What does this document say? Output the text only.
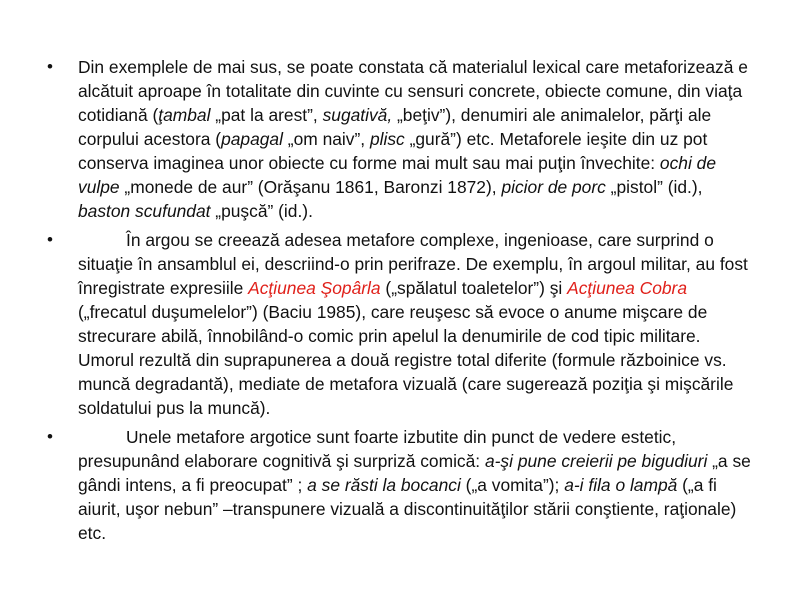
• Din exemplele de mai sus, se poate constata că materialul lexical care metaforizează e alcătuit aproape în totalitate din cuvinte cu sensuri concrete, obiecte comune, din viaţa cotidiană (ţambal „pat la arest”, sugativă, „beţiv”), denumiri ale animalelor, părţi ale corpului acestora (papagal „om naiv”, plisc „gură”) etc. Metaforele ieşite din uz pot conserva imaginea unor obiecte cu forme mai mult sau mai puţin învechite: ochi de vulpe „monede de aur” (Orăşanu 1861, Baronzi 1872), picior de porc „pistol” (id.), baston scufundat „puşcă” (id.).
•	În argou se creează adesea metafore complexe, ingenioase, care surprind o situaţie în ansamblul ei, descriind-o prin perifraze. De exemplu, în argoul militar, au fost înregistrate expresiile Acţiunea Şopârla („spălatul toaletelor”) şi Acţiunea Cobra („frecatul duşumelelor”) (Baciu 1985), care reuşesc să evoce o anume mişcare de strecurare abilă, înnobilând-o comic prin apelul la denumirile de cod tipic militare. Umorul rezultă din suprapunerea a două registre total diferite (formule războinice vs. muncă degradantă), mediate de metafora vizuală (care sugerează poziţia şi mişcările soldatului pus la muncă).
•	Unele metafore argotice sunt foarte izbutite din punct de vedere estetic, presupunând elaborare cognitivă şi surpriză comică: a-şi pune creierii pe bigudiuri „a se gândi intens, a fi preocupat” ; a se răsti la bocanci („a vomita”); a-i fila o lampă („a fi aiurit, uşor nebun” –transpunere vizuală a discontinuităţilor stării conştiente, raţionale) etc.
